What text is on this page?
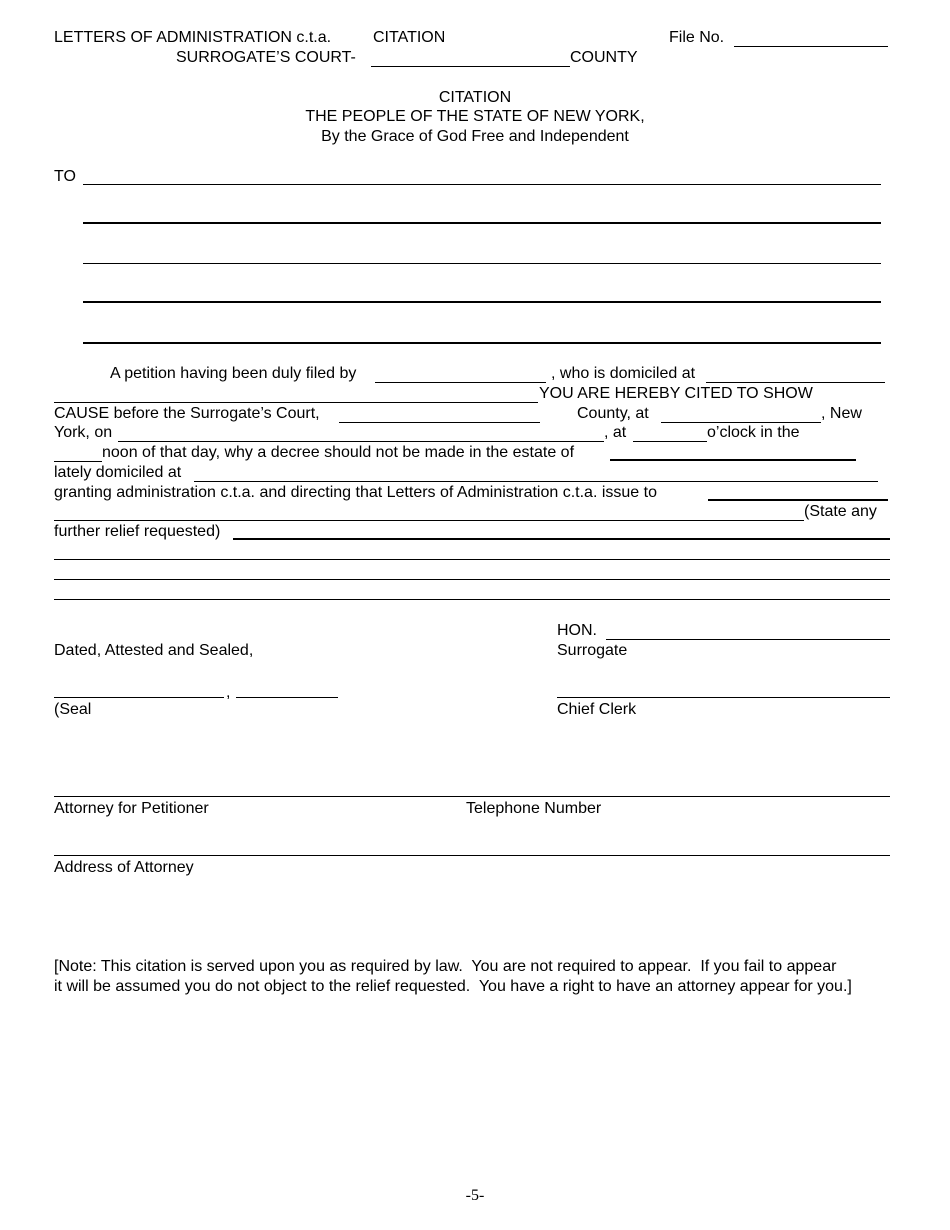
LETTERS OF ADMINISTRATION c.t.a.	CITATION	File No.
SURROGATE’S COURT-	COUNTY
CITATION
THE PEOPLE OF THE STATE OF NEW YORK,
By the Grace of God Free and Independent
TO
A petition having been duly filed by	, who is domiciled at
YOU ARE HEREBY CITED TO SHOW
CAUSE before the Surrogate’s Court,	County, at	, New
York, on	, at	o’clock in the
noon of that day, why a decree should not be made in the estate of
lately domiciled at
granting administration c.t.a. and directing that Letters of Administration c.t.a. issue to
(State any
further relief requested)
HON.
Surrogate
Dated, Attested and Sealed,
,
(Seal	Chief Clerk
Attorney for Petitioner	Telephone Number
Address of Attorney
[Note: This citation is served upon you as required by law.  You are not required to appear.  If you fail to appear
it will be assumed you do not object to the relief requested.  You have a right to have an attorney appear for you.]
-5-
